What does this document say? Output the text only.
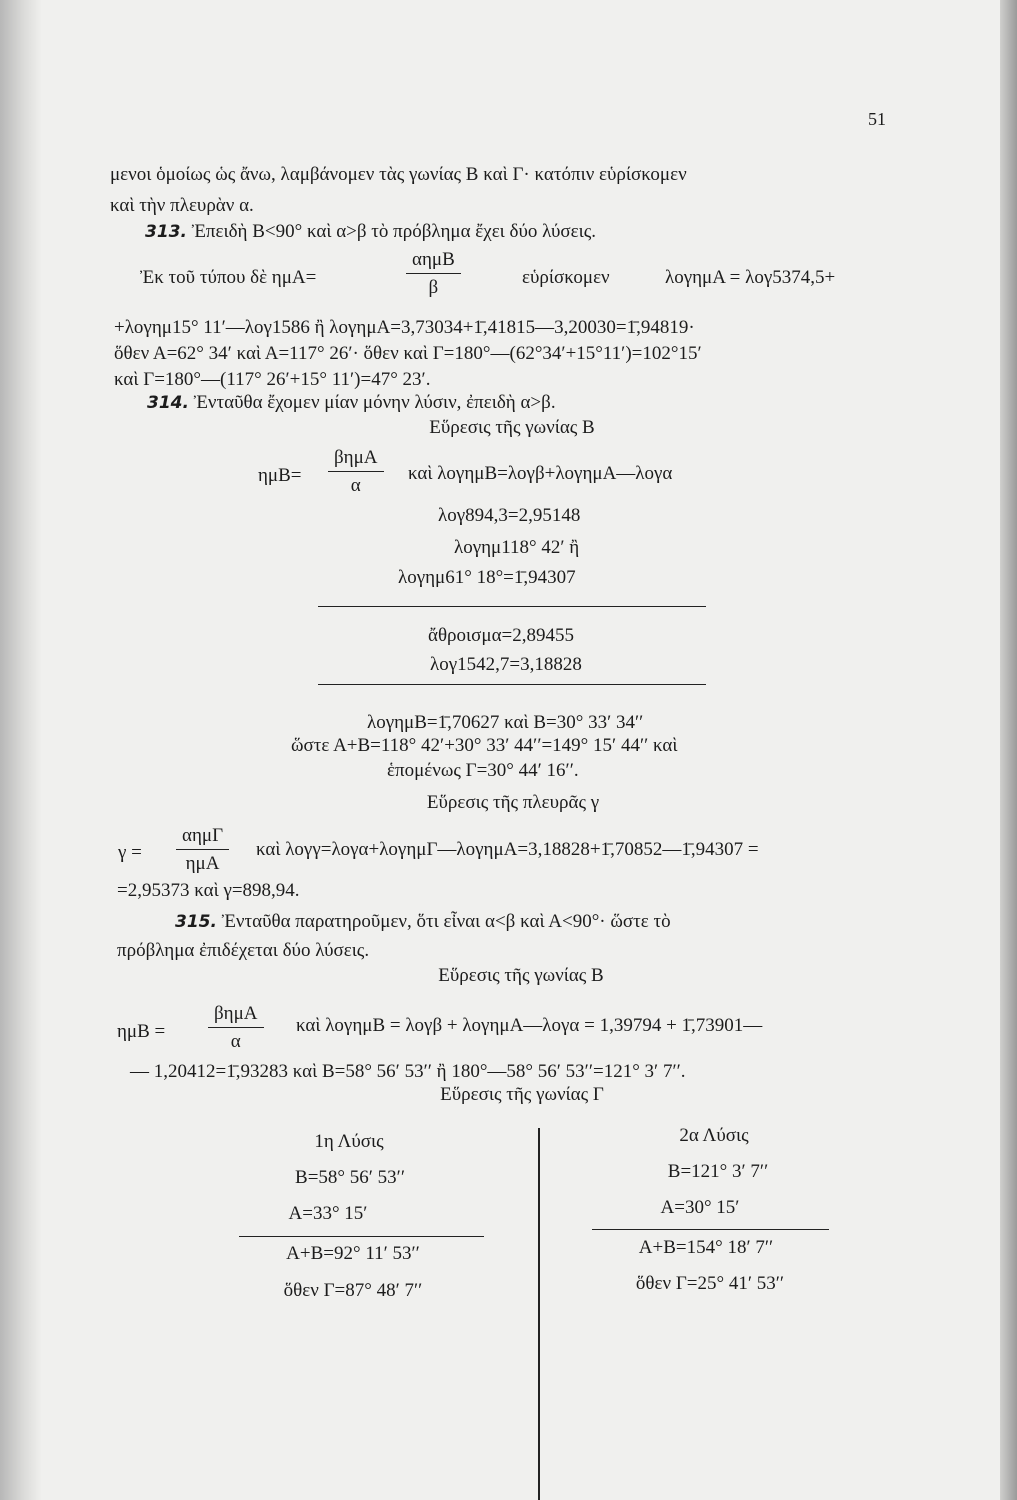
51
μενοι ὁμοίως ὡς ἄνω, λαμβάνομεν τὰς γωνίας Β καὶ Γ· κατόπιν εὑρίσκομεν
καὶ τὴν πλευρὰν α.
313. Ἐπειδὴ Β<90° καὶ α>β τὸ πρόβλημα ἔχει δύο λύσεις.
Ἐκ τοῦ τύπου δὲ ημΑ=
αημΒ
β	εὑρίσκομεν	λογημΑ = λογ5374,5+
+λογημ15° 11′—λογ1586 ἢ λογημΑ=3,73034+1̄,41815—3,20030=1̄,94819·
ὅθεν Α=62° 34′ καὶ Α=117° 26′· ὅθεν καὶ Γ=180°—(62°34′+15°11′)=102°15′
καὶ Γ=180°—(117° 26′+15° 11′)=47° 23′.
314. Ἐνταῦθα ἔχομεν μίαν μόνην λύσιν, ἐπειδὴ α>β.
Εὕρεσις τῆς γωνίας Β
ημΒ=
βημΑ
α
καὶ λογημΒ=λογβ+λογημΑ—λογα
λογ894,3=2,95148
λογημ118° 42′ ἢ
λογημ61° 18°=1̄,94307
ἄθροισμα=2,89455
λογ1542,7=3,18828
λογημΒ=1̄,70627 καὶ Β=30° 33′ 34′′
ὥστε Α+Β=118° 42′+30° 33′ 44′′=149° 15′ 44′′ καὶ
ἑπομένως Γ=30° 44′ 16′′.
Εὕρεσις τῆς πλευρᾶς γ
γ =
αημΓ
ημΑ
καὶ λογγ=λογα+λογημΓ—λογημΑ=3,18828+1̄,70852—1̄,94307 =
=2,95373 καὶ γ=898,94.
315. Ἐνταῦθα παρατηροῦμεν, ὅτι εἶναι α<β καὶ Α<90°· ὥστε τὸ
πρόβλημα ἐπιδέχεται δύο λύσεις.
Εὕρεσις τῆς γωνίας Β
ημΒ =
βημΑ
α
καὶ λογημΒ = λογβ + λογημΑ—λογα = 1,39794 + 1̄,73901—
— 1,20412=1̄,93283 καὶ Β=58° 56′ 53′′ ἢ 180°—58° 56′ 53′′=121° 3′ 7′′.
Εὕρεσις τῆς γωνίας Γ
1η Λύσις
Β=58° 56′ 53′′
Α=33° 15′
Α+Β=92° 11′ 53′′
ὅθεν Γ=87° 48′ 7′′
2α Λύσις
Β=121° 3′ 7′′
Α=30° 15′
Α+Β=154° 18′ 7′′
ὅθεν Γ=25° 41′ 53′′
